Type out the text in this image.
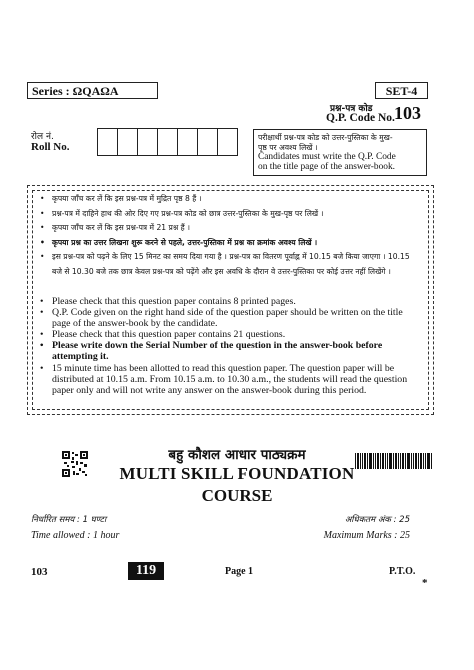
Series : ΩQAΩA	SET-4
प्रश्न-पत्र कोड
Q.P. Code No. 103
रोल नं.
Roll No.
परीक्षार्थी प्रश्न-पत्र कोड को उत्तर-पुस्तिका के मुख-
पृष्ठ पर अवश्य लिखें ।
Candidates must write the Q.P. Code
on the title page of the answer-book.
• कृपया जाँच कर लें कि इस प्रश्न-पत्र में मुद्रित पृष्ठ 8 हैं ।
• प्रश्न-पत्र में दाहिने हाथ की ओर दिए गए प्रश्न-पत्र कोड को छात्र उत्तर-पुस्तिका के मुख-पृष्ठ पर लिखें ।
• कृपया जाँच कर लें कि इस प्रश्न-पत्र में 21 प्रश्न हैं ।
• कृपया प्रश्न का उत्तर लिखना शुरू करने से पहले, उत्तर-पुस्तिका में प्रश्न का क्रमांक अवश्य लिखें ।
• इस प्रश्न-पत्र को पढ़ने के लिए 15 मिनट का समय दिया गया है । प्रश्न-पत्र का वितरण पूर्वाह्न में 10.15 बजे किया जाएगा । 10.15 बजे से 10.30 बजे तक छात्र केवल प्रश्न-पत्र को पढ़ेंगे और इस अवधि के दौरान वे उत्तर-पुस्तिका पर कोई उत्तर नहीं लिखेंगे ।
• Please check that this question paper contains 8 printed pages.
• Q.P. Code given on the right hand side of the question paper should be written on the title page of the answer-book by the candidate.
• Please check that this question paper contains 21 questions.
• Please write down the Serial Number of the question in the answer-book before attempting it.
• 15 minute time has been allotted to read this question paper. The question paper will be distributed at 10.15 a.m. From 10.15 a.m. to 10.30 a.m., the students will read the question paper only and will not write any answer on the answer-book during this period.
*
बहु कौशल आधार पाठ्यक्रम
MULTI SKILL FOUNDATION
COURSE
निर्धारित समय : 1 घण्टा
Time allowed : 1 hour
अधिकतम अंक : 25
Maximum Marks : 25
103	119	Page 1	P.T.O.
